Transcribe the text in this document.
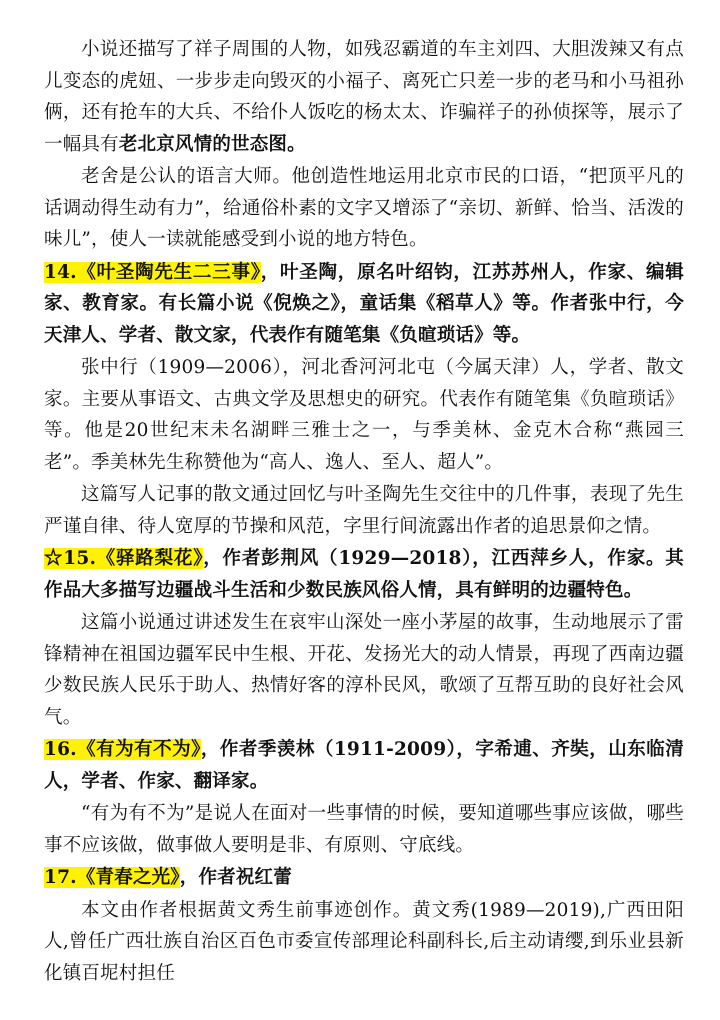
小说还描写了祥子周围的人物，如残忍霸道的车主刘四、大胆泼辣又有点儿变态的虎妞、一步步走向毁灭的小福子、离死亡只差一步的老马和小马祖孙俩，还有抢车的大兵、不给仆人饭吃的杨太太、诈骗祥子的孙侦探等，展示了一幅具有老北京风情的世态图。

老舍是公认的语言大师。他创造性地运用北京市民的口语，“把顶平凡的话调动得生动有力”，给通俗朴素的文字又增添了“亲切、新鲜、恰当、活泼的味儿”，使人一读就能感受到小说的地方特色。

14.《叶圣陶先生二三事》，叶圣陶，原名叶绍钧，江苏苏州人，作家、编辑家、教育家。有长篇小说《倪焕之》，童话集《稻草人》等。作者张中行，今天津人、学者、散文家，代表作有随笔集《负暄琐话》等。

张中行（1909—2006），河北香河河北屯（今属天津）人，学者、散文家。主要从事语文、古典文学及思想史的研究。代表作有随笔集《负暄琐话》等。他是20世纪末未名湖畔三雅士之一，与季美林、金克木合称“燕园三老”。季美林先生称赞他为“高人、逸人、至人、超人”。

这篇写人记事的散文通过回忆与叶圣陶先生交往中的几件事，表现了先生严谨自律、待人宽厚的节操和风范，字里行间流露出作者的追思景仰之情。

☆15.《驿路梨花》，作者彭荆风（1929—2018），江西萍乡人，作家。其作品大多描写边疆战斗生活和少数民族风俗人情，具有鲜明的边疆特色。

这篇小说通过讲述发生在哀牢山深处一座小茅屋的故事，生动地展示了雷锋精神在祖国边疆军民中生根、开花、发扬光大的动人情景，再现了西南边疆少数民族人民乐于助人、热情好客的淳朴民风，歌颂了互帮互助的良好社会风气。

16.《有为有不为》，作者季羡林（1911-2009），字希逋、齐奘，山东临清人，学者、作家、翻译家。

“有为有不为”是说人在面对一些事情的时候，要知道哪些事应该做，哪些事不应该做，做事做人要明是非、有原则、守底线。

17.《青春之光》，作者祝红蕾

本文由作者根据黄文秀生前事迹创作。黄文秀(1989—2019),广西田阳人,曾任广西壮族自治区百色市委宣传部理论科副科长,后主动请缨,到乐业县新化镇百坭村担任
